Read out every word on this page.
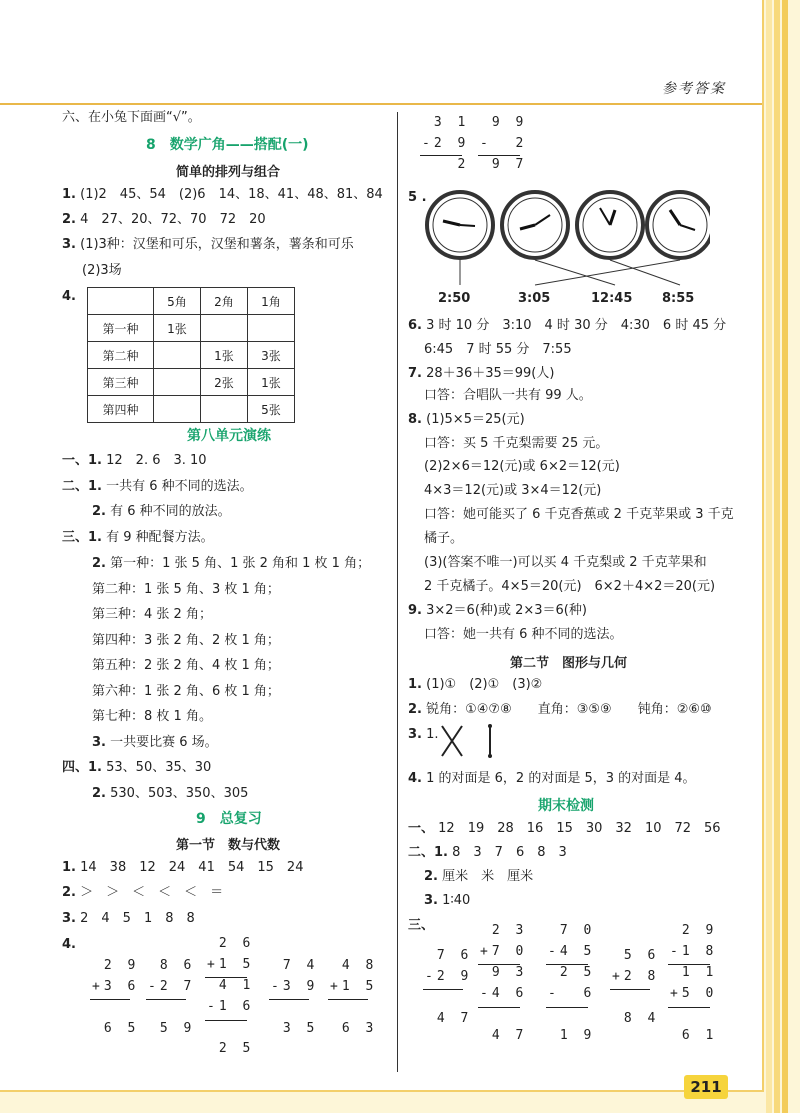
参考答案
六、在小兔下面画“√”。
8　数学广角——搭配(一)
简单的排列与组合
1. (1)2　45、54　(2)6　14、18、41、48、81、84
2. 4　27、20、72、70　72　20
3. (1)3种：汉堡和可乐，汉堡和薯条，薯条和可乐
(2)3场
4.
		5角	2角	1角
第一种	1张		
第二种		1张	3张
第三种		2张	1张
第四种			5张
第八单元演练
一、1. 12　2. 6　3. 10
二、1. 一共有 6 种不同的选法。
2. 有 6 种不同的放法。
三、1. 有 9 种配餐方法。
2. 第一种：1 张 5 角、1 张 2 角和 1 枚 1 角；
第二种：1 张 5 角、3 枚 1 角；
第三种：4 张 2 角；
第四种：3 张 2 角、2 枚 1 角；
第五种：2 张 2 角、4 枚 1 角；
第六种：1 张 2 角、6 枚 1 角；
第七种：8 枚 1 角。
3. 一共要比赛 6 场。
四、1. 53、50、35、30
2. 530、503、350、305
9　总复习
第一节　数与代数
1. 14　38　12　24　41　54　15　24
2. ＞　＞　＜　＜　＜　＝
3. 2　4　5　1　8　8
4.
2 9
+3 6

6 5
8 6
-2 7

5 9
2 6
+1 5
4 1
-1 6

2 5
7 4
-3 9

3 5
4 8
+1 5

6 3
3 1
-2 9
2
9 9
-  2
9 7
5 .
2:50	3:05	12:45 8:55
6. 3 时 10 分　3:10　4 时 30 分　4:30　6 时 45 分
6:45　7 时 55 分　7:55
7. 28＋36＋35＝99(人)
口答：合唱队一共有 99 人。
8. (1)5×5＝25(元)
口答：买 5 千克梨需要 25 元。
(2)2×6＝12(元)或 6×2＝12(元)
4×3＝12(元)或 3×4＝12(元)
口答：她可能买了 6 千克香蕉或 2 千克苹果或 3 千克
橘子。
(3)(答案不唯一)可以买 4 千克梨或 2 千克苹果和
2 千克橘子。4×5＝20(元)　6×2＋4×2＝20(元)
9. 3×2＝6(种)或 2×3＝6(种)
口答：她一共有 6 种不同的选法。
第二节　图形与几何
1. (1)①　(2)①　(3)②
2. 锐角：①④⑦⑧　　直角：③⑤⑨　　钝角：②⑥⑩
3. 1.
4. 1 的对面是 6，2 的对面是 5，3 的对面是 4。
期末检测
一、 12　19　28　16　15　30　32　10　72　56
二、1. 8　3　7　6　8　3
2. 厘米　米　厘米
3. 1∶40
三、
7 6
-2 9

4 7
2 3
+7 0
9 3
-4 6

4 7
7 0
-4 5
2 5
-  6

1 9
5 6
+2 8

8 4
2 9
-1 8
1 1
+5 0

6 1
211
